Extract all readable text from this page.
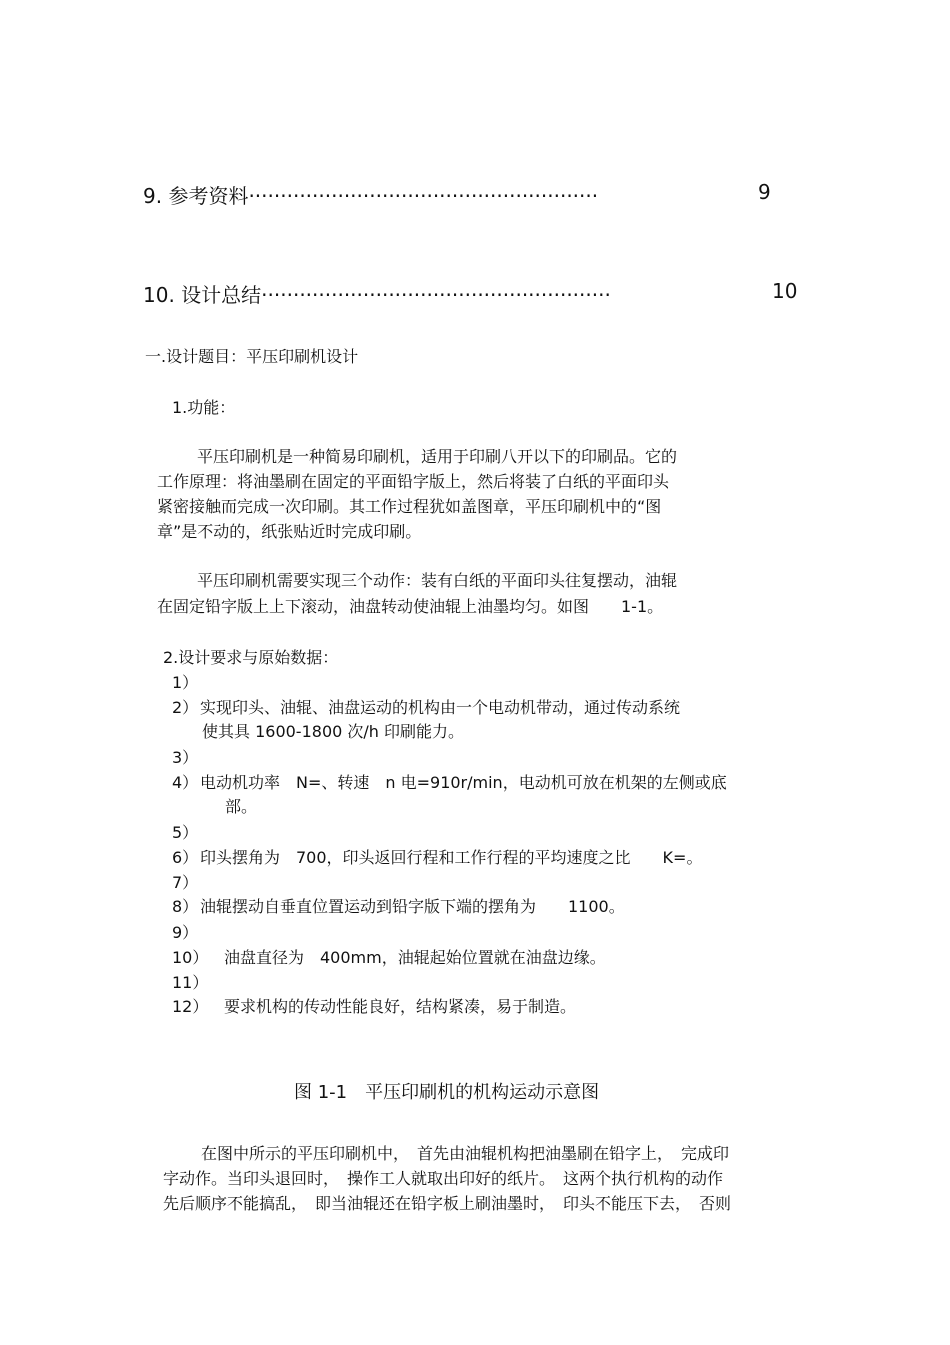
9. 参考资料·······················································	9
10. 设计总结·······················································	10
一.设计题目：平压印刷机设计
1.功能：
平压印刷机是一种简易印刷机，适用于印刷八开以下的印刷品。它的
工作原理：将油墨刷在固定的平面铅字版上，然后将装了白纸的平面印头
紧密接触而完成一次印刷。其工作过程犹如盖图章，平压印刷机中的“图
章”是不动的，纸张贴近时完成印刷。
平压印刷机需要实现三个动作：装有白纸的平面印头往复摆动，油辊
在固定铅字版上上下滚动，油盘转动使油辊上油墨均匀。如图　　1-1。
2.设计要求与原始数据：
1）
2） 实现印头、油辊、油盘运动的机构由一个电动机带动，通过传动系统
使其具 1600-1800 次/h 印刷能力。
3）
4） 电动机功率　N=、转速　n 电=910r/min，电动机可放在机架的左侧或底
部。
5）
6） 印头摆角为　700，印头返回行程和工作行程的平均速度之比　　K=。
7）
8） 油辊摆动自垂直位置运动到铅字版下端的摆角为　　1100。
9）
10） 油盘直径为　400mm，油辊起始位置就在油盘边缘。
11）
12） 要求机构的传动性能良好，结构紧凑，易于制造。
图 1-1　平压印刷机的机构运动示意图
在图中所示的平压印刷机中，　首先由油辊机构把油墨刷在铅字上，　完成印
字动作。当印头退回时，　操作工人就取出印好的纸片。　这两个执行机构的动作
先后顺序不能搞乱，　即当油辊还在铅字板上刷油墨时，　印头不能压下去，　否则
